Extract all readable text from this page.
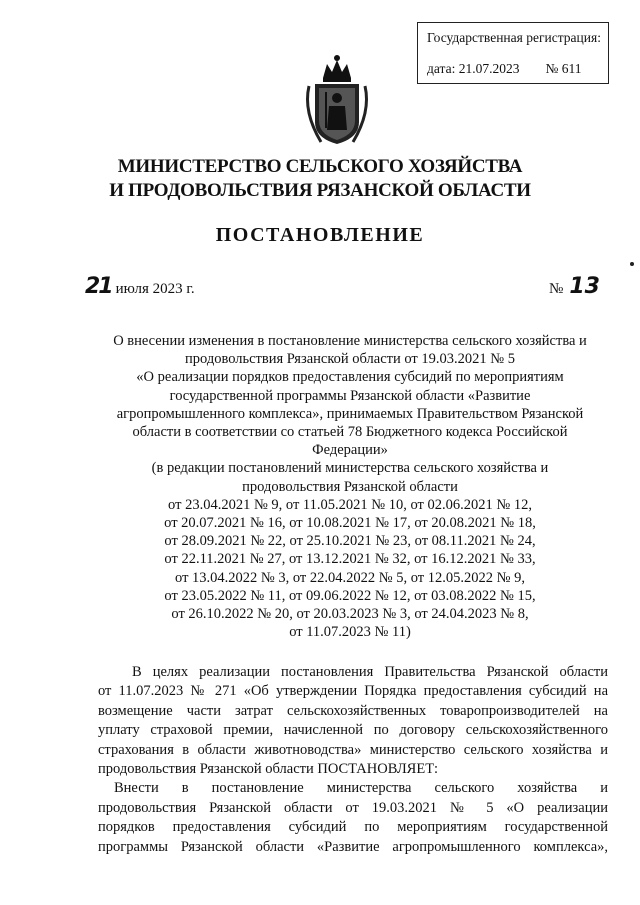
Государственная регистрация:
дата: 21.07.2023 № 611
МИНИСТЕРСТВО СЕЛЬСКОГО ХОЗЯЙСТВА
И ПРОДОВОЛЬСТВИЯ РЯЗАНСКОЙ ОБЛАСТИ
ПОСТАНОВЛЕНИЕ
21 июля 2023 г.	№ 13
О внесении изменения в постановление министерства сельского хозяйства и
продовольствия Рязанской области от 19.03.2021 № 5
«О реализации порядков предоставления субсидий по мероприятиям
государственной программы Рязанской области «Развитие
агропромышленного комплекса», принимаемых Правительством Рязанской
области в соответствии со статьей 78 Бюджетного кодекса Российской
Федерации»
(в редакции постановлений министерства сельского хозяйства и
продовольствия Рязанской области
от 23.04.2021 № 9, от 11.05.2021 № 10, от 02.06.2021 № 12,
от 20.07.2021 № 16, от 10.08.2021 № 17, от 20.08.2021 № 18,
от 28.09.2021 № 22, от 25.10.2021 № 23, от 08.11.2021 № 24,
от 22.11.2021 № 27, от 13.12.2021 № 32, от 16.12.2021 № 33,
от 13.04.2022 № 3, от 22.04.2022 № 5, от 12.05.2022 № 9,
от 23.05.2022 № 11, от 09.06.2022 № 12, от 03.08.2022 № 15,
от 26.10.2022 № 20, от 20.03.2023 № 3, от 24.04.2023 № 8,
от 11.07.2023 № 11)

В целях реализации постановления Правительства Рязанской области

от 11.07.2023 № 271 «Об утверждении Порядка предоставления субсидий на

возмещение части затрат сельскохозяйственных товаропроизводителей на

уплату страховой премии, начисленной по договору сельскохозяйственного

страхования в области животноводства» министерство сельского хозяйства и

продовольствия Рязанской области ПОСТАНОВЛЯЕТ:

Внести в постановление министерства сельского хозяйства и

продовольствия Рязанской области от 19.03.2021 № 5 «О реализации

порядков предоставления субсидий по мероприятиям государственной

программы Рязанской области «Развитие агропромышленного комплекса»,
